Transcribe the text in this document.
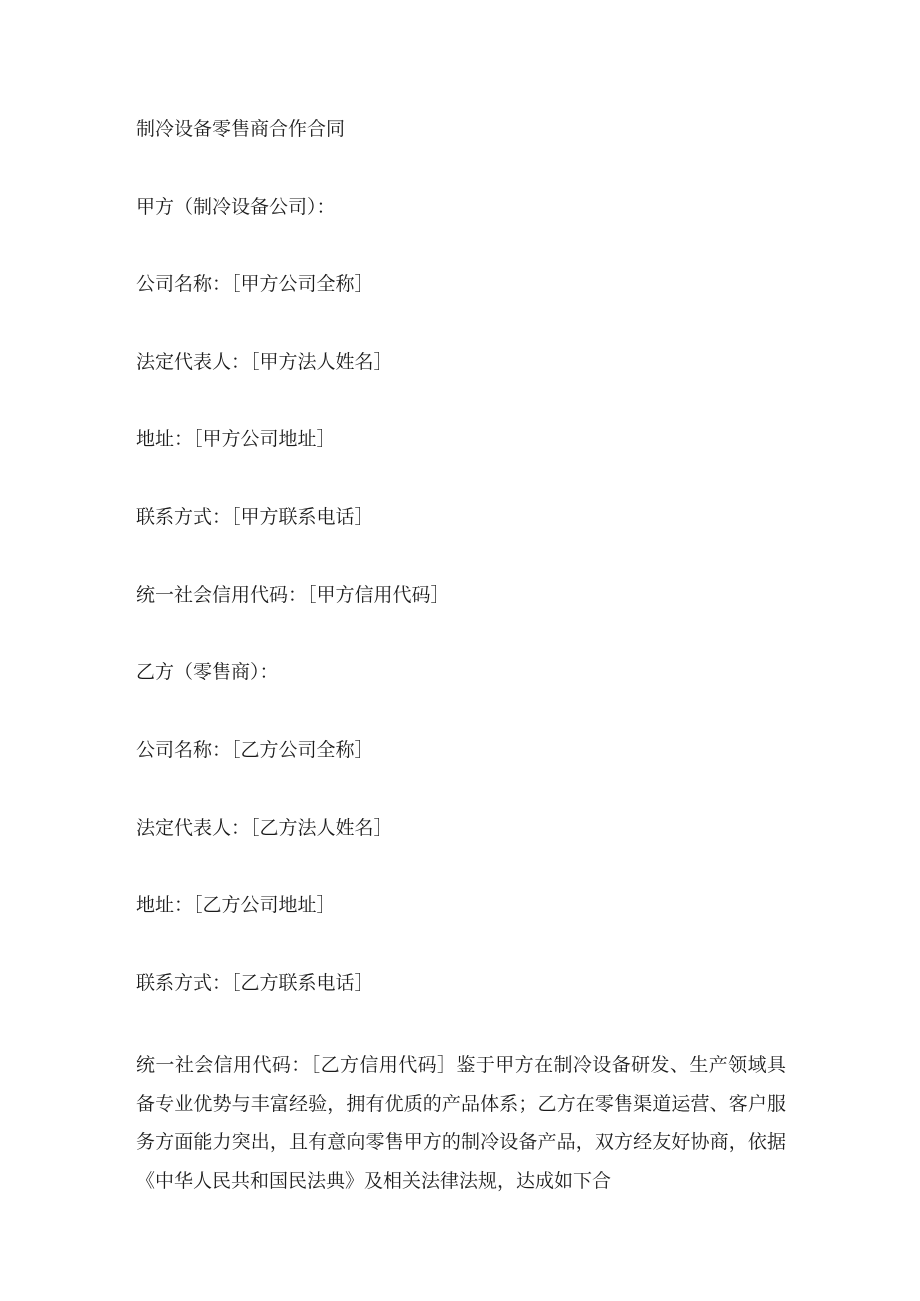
制冷设备零售商合作合同

甲方（制冷设备公司）：

公司名称：［甲方公司全称］

法定代表人：［甲方法人姓名］

地址：［甲方公司地址］

联系方式：［甲方联系电话］

统一社会信用代码：［甲方信用代码］

乙方（零售商）：

公司名称：［乙方公司全称］

法定代表人：［乙方法人姓名］

地址：［乙方公司地址］

联系方式：［乙方联系电话］

统一社会信用代码：［乙方信用代码］鉴于甲方在制冷设备研发、生产领域具备专业优势与丰富经验，拥有优质的产品体系；乙方在零售渠道运营、客户服务方面能力突出，且有意向零售甲方的制冷设备产品，双方经友好协商，依据《中华人民共和国民法典》及相关法律法规，达成如下合
